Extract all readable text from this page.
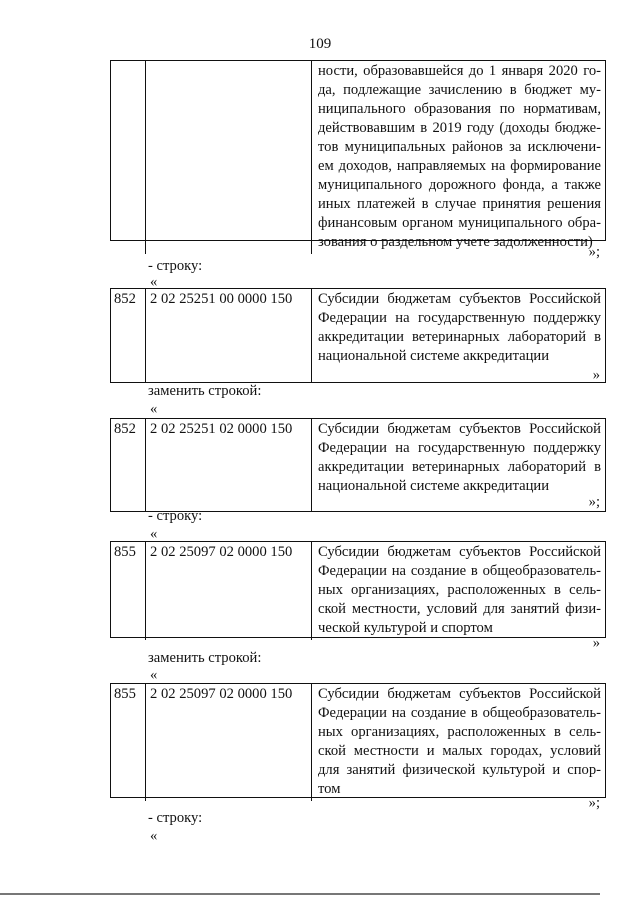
109
ности, образовавшейся до 1 января 2020 го-
да, подлежащие зачислению в бюджет му-
ниципального образования по нормативам,
действовавшим в 2019 году (доходы бюдже-
тов муниципальных районов за исключени-
ем доходов, направляемых на формирование
муниципального дорожного фонда, а также
иных платежей в случае принятия решения
финансовым органом муниципального обра-
зования о раздельном учете задолженности)
»;
- строку:
«
852 2 02 25251 00 0000 150	Субсидии бюджетам субъектов Российской
Федерации на государственную поддержку
аккредитации ветеринарных лабораторий в
национальной системе аккредитации
»
заменить строкой:
«
852 2 02 25251 02 0000 150	Субсидии бюджетам субъектов Российской
Федерации на государственную поддержку
аккредитации ветеринарных лабораторий в
национальной системе аккредитации
»;
- строку:
«
855 2 02 25097 02 0000 150	Субсидии бюджетам субъектов Российской
Федерации на создание в общеобразователь-
ных организациях, расположенных в сель-
ской местности, условий для занятий физи-
ческой культурой и спортом
»
заменить строкой:
«
855 2 02 25097 02 0000 150	Субсидии бюджетам субъектов Российской
Федерации на создание в общеобразователь-
ных организациях, расположенных в сель-
ской местности и малых городах, условий
для занятий физической культурой и спор-
том
»;
- строку:
«
